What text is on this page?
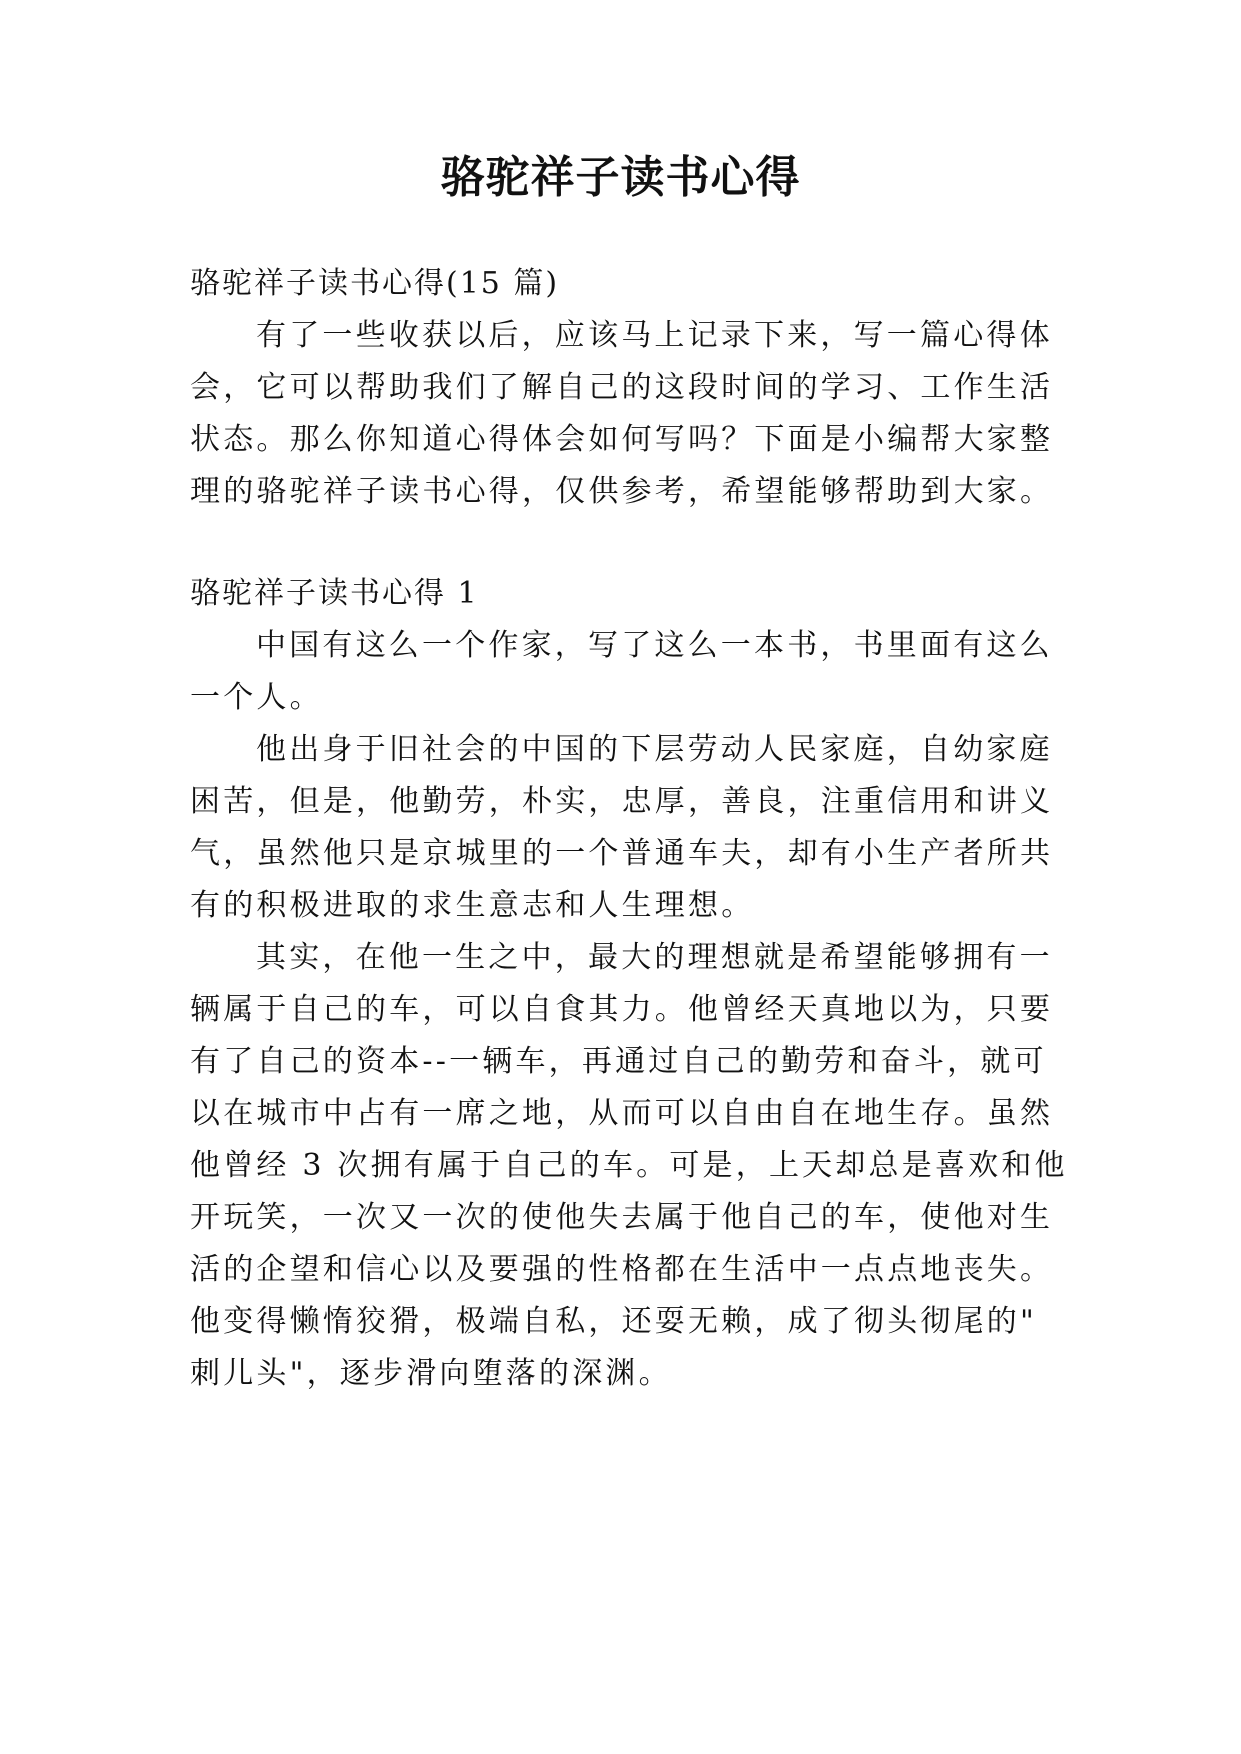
骆驼祥子读书心得

骆驼祥子读书心得(15 篇)

有了一些收获以后，应该马上记录下来，写一篇心得体

会，它可以帮助我们了解自己的这段时间的学习、工作生活

状态。那么你知道心得体会如何写吗？下面是小编帮大家整

理的骆驼祥子读书心得，仅供参考，希望能够帮助到大家。

骆驼祥子读书心得 1

中国有这么一个作家，写了这么一本书，书里面有这么

一个人。

他出身于旧社会的中国的下层劳动人民家庭，自幼家庭

困苦，但是，他勤劳，朴实，忠厚，善良，注重信用和讲义

气，虽然他只是京城里的一个普通车夫，却有小生产者所共

有的积极进取的求生意志和人生理想。

其实，在他一生之中，最大的理想就是希望能够拥有一

辆属于自己的车，可以自食其力。他曾经天真地以为，只要

有了自己的资本--一辆车，再通过自己的勤劳和奋斗，就可

以在城市中占有一席之地，从而可以自由自在地生存。虽然

他曾经 3 次拥有属于自己的车。可是，上天却总是喜欢和他

开玩笑，一次又一次的使他失去属于他自己的车，使他对生

活的企望和信心以及要强的性格都在生活中一点点地丧失。

他变得懒惰狡猾，极端自私，还耍无赖，成了彻头彻尾的"

刺儿头"，逐步滑向堕落的深渊。
